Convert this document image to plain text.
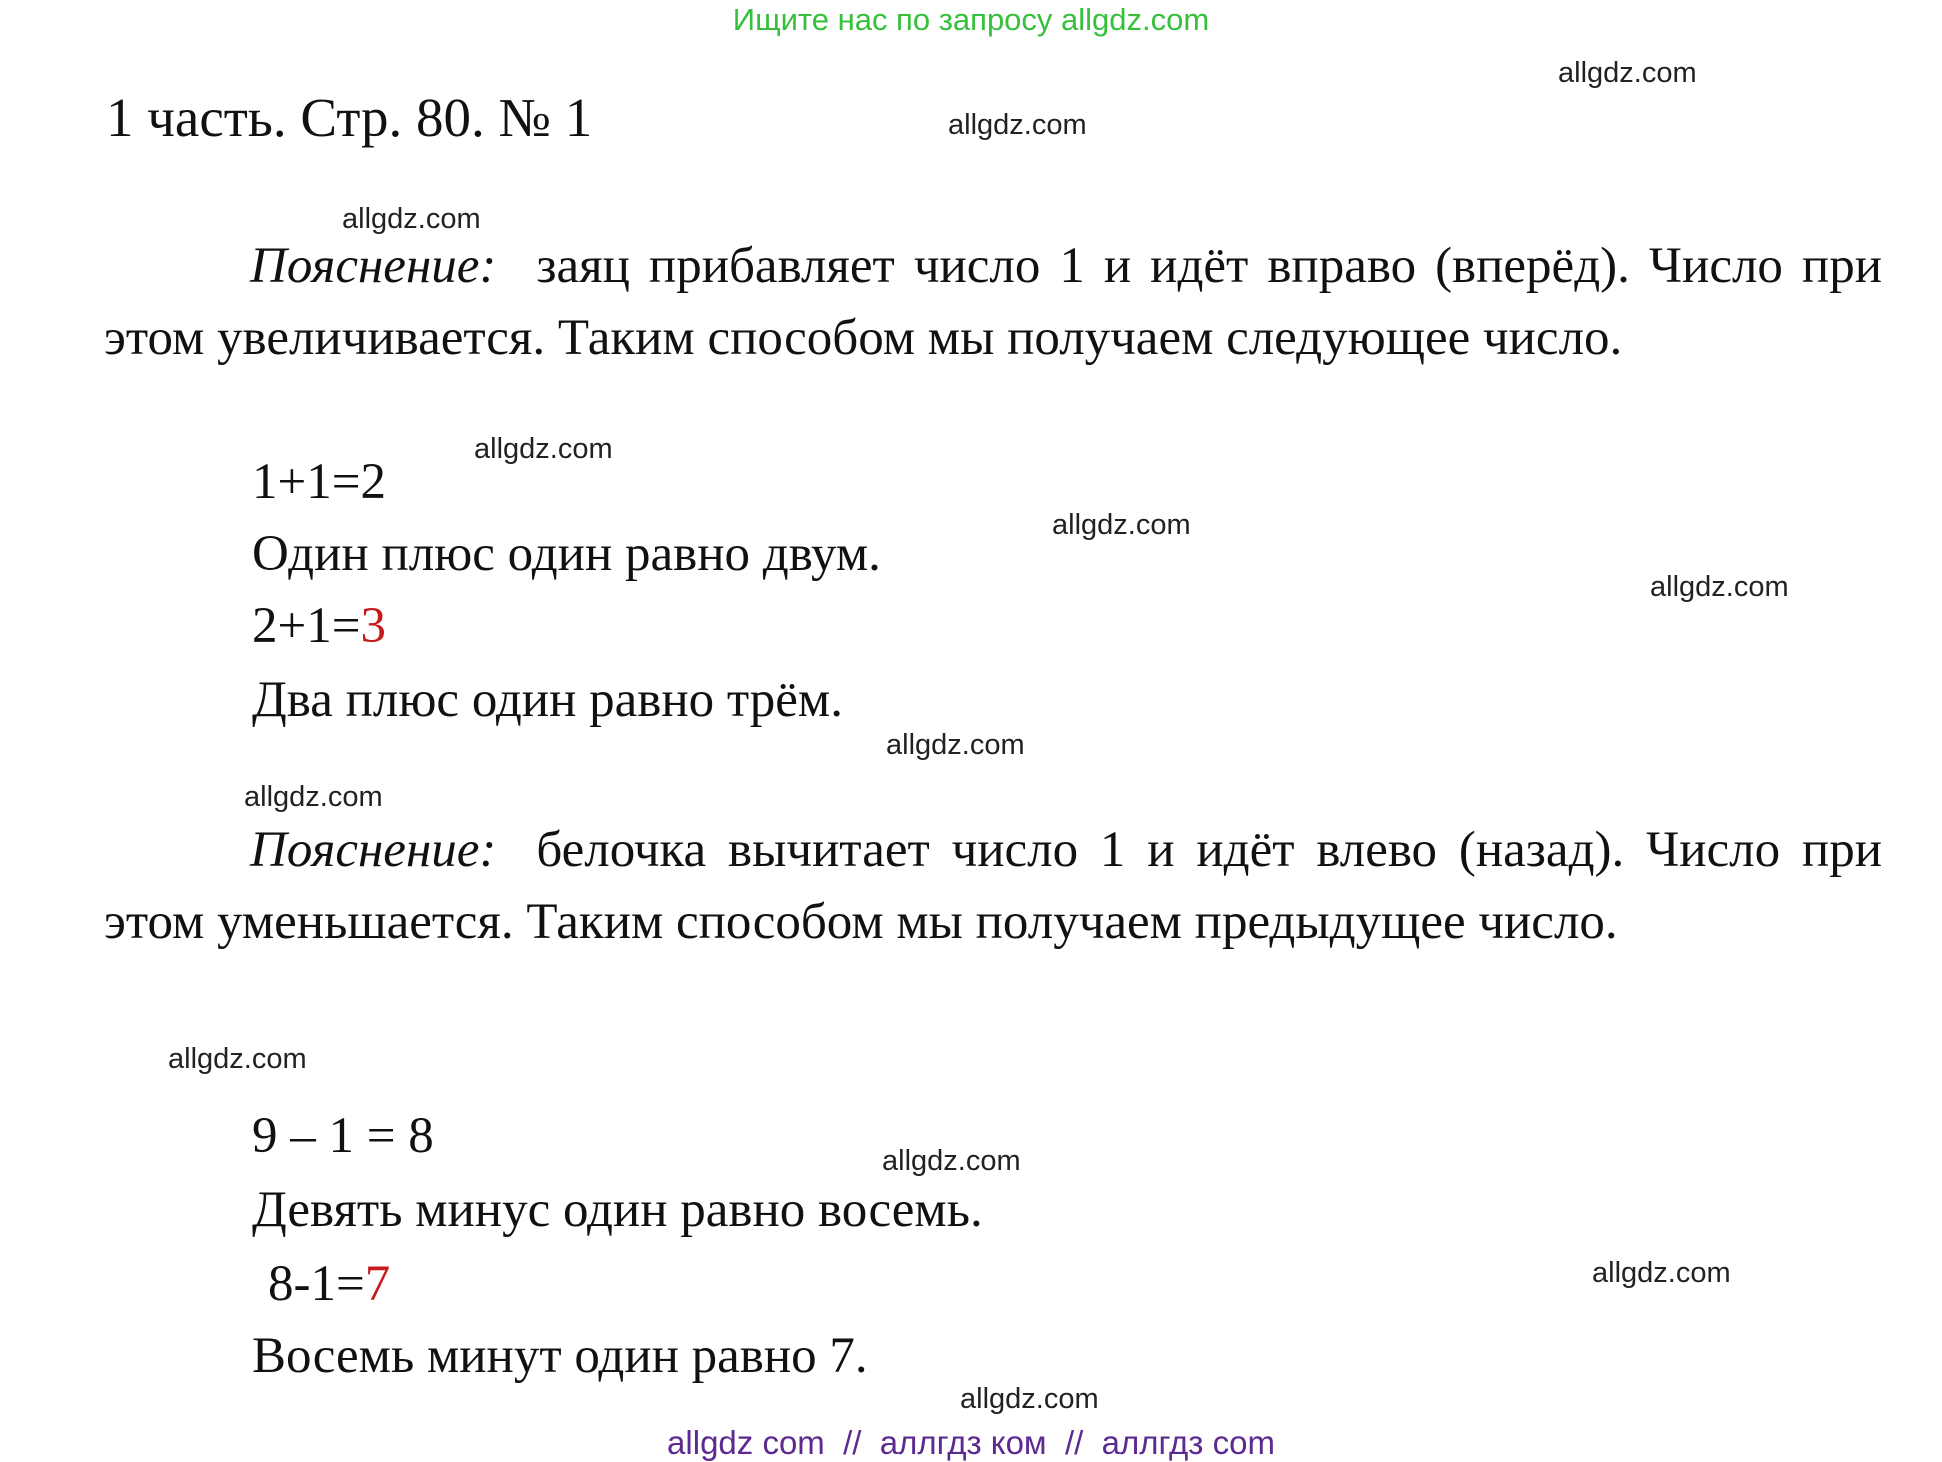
Ищите нас по запросу allgdz.com
1 часть. Стр. 80. № 1

Пояснение: заяц прибавляет число 1 и идёт вправо (вперёд). Число при этом увеличивается. Таким способом мы получаем следующее число.

1+1=2
Один плюс один равно двум.
2+1=3
Два плюс один равно трём.

Пояснение: белочка вычитает число 1 и идёт влево (назад). Число при этом уменьшается. Таким способом мы получаем предыдущее число.

9 – 1 = 8
Девять минус один равно восемь.
8-1=7
Восемь минут один равно 7.
allgdz.com
allgdz.com
allgdz.com
allgdz.com
allgdz.com
allgdz.com
allgdz.com
allgdz.com
allgdz.com
allgdz.com
allgdz.com
allgdz.com
allgdz com  //  аллгдз ком  //  аллгдз com
